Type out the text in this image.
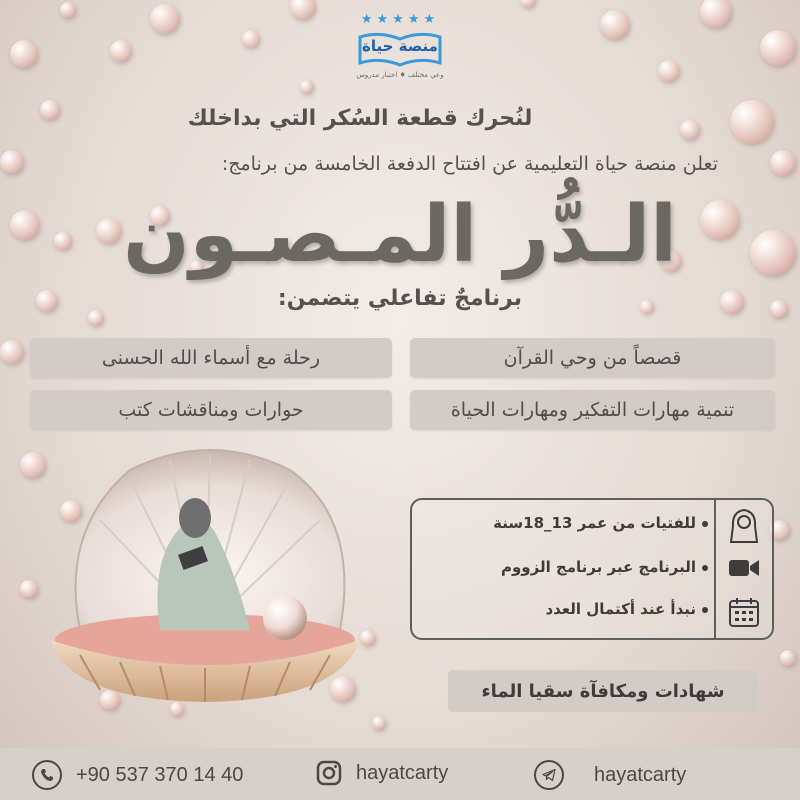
★★★★★
منصة حياة
وعي مختلف ♦ اختيار مدروس
لنُحرك قطعة السُكر التي بداخلك
تعلن منصة حياة التعليمية عن افتتاح الدفعة الخامسة من برنامج:
الـدُّر المـصـون
برنامجٌ تفاعلي يتضمن:
قصصاً من وحي القرآن
رحلة مع أسماء الله الحسنى
تنمية مهارات التفكير ومهارات الحياة
حوارات ومناقشات كتب
للفتيات من عمر 13_18سنة
البرنامج عبر برنامج الزووم
نبدأ عند أكتمال العدد
شهادات ومكافآة سقيا الماء
+90 537 370 14 40	hayatcarty	hayatcarty
